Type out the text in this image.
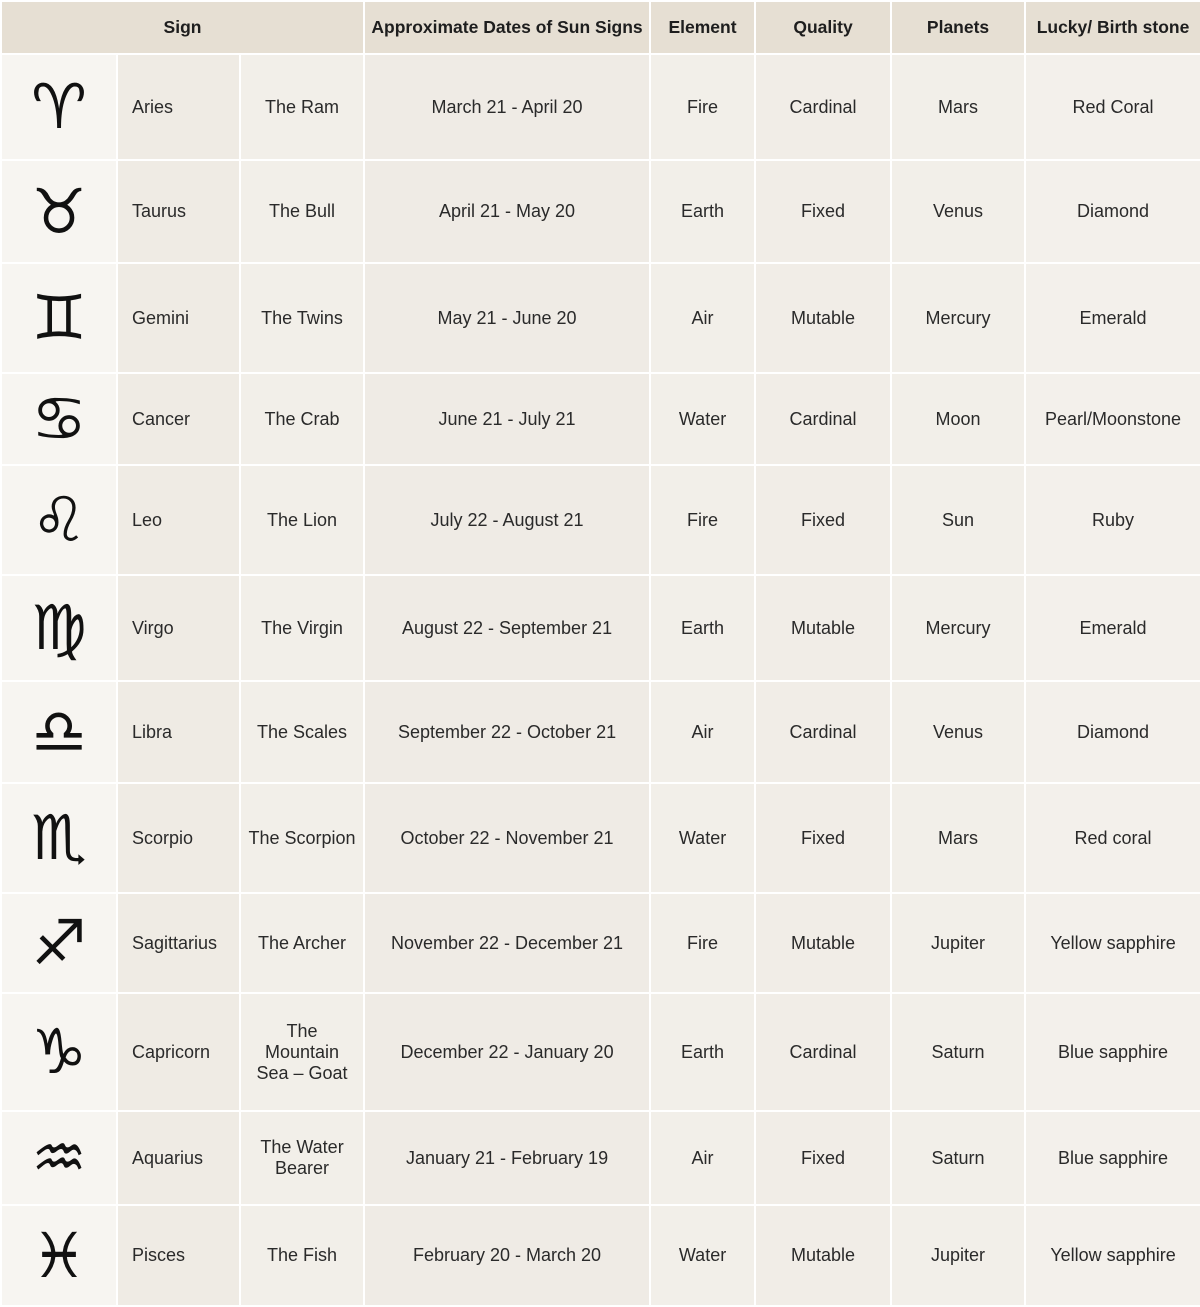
Sign			Approximate Dates of Sun Signs	Element	Quality	Planets	Lucky/ Birth stone
♈	Aries	The Ram	March 21 - April 20	Fire	Cardinal	Mars	Red Coral
♉	Taurus	The Bull	April 21 - May 20	Earth	Fixed	Venus	Diamond
♊	Gemini	The Twins	May 21 - June 20	Air	Mutable	Mercury	Emerald
♋	Cancer	The Crab	June 21 - July 21	Water	Cardinal	Moon	Pearl/Moonstone
♌	Leo	The Lion	July 22 - August 21	Fire	Fixed	Sun	Ruby
♍	Virgo	The Virgin	August 22 - September 21	Earth	Mutable	Mercury	Emerald
♎	Libra	The Scales	September 22 - October 21	Air	Cardinal	Venus	Diamond
♏	Scorpio	The Scorpion	October 22 - November 21	Water	Fixed	Mars	Red coral
♐	Sagittarius	The Archer	November 22 - December 21	Fire	Mutable	Jupiter	Yellow sapphire
♑	Capricorn	The Mountain Sea – Goat	December 22 - January 20	Earth	Cardinal	Saturn	Blue sapphire
♒	Aquarius	The Water Bearer	January 21 - February 19	Air	Fixed	Saturn	Blue sapphire
♓	Pisces	The Fish	February 20 - March 20	Water	Mutable	Jupiter	Yellow sapphire
